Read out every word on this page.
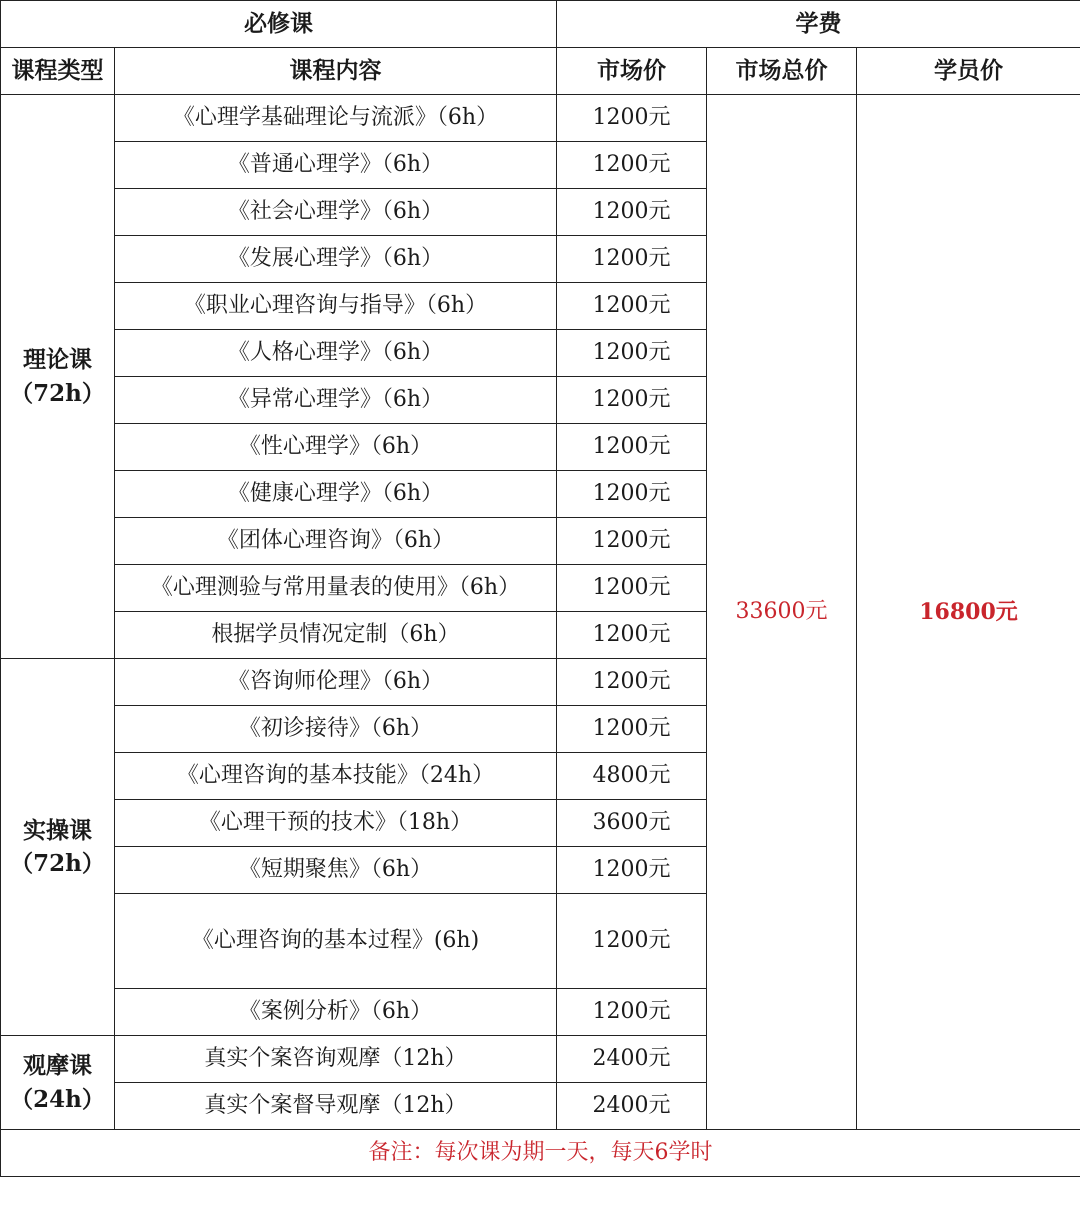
必修课		学费		
课程类型	课程内容	市场价	市场总价	学员价
理论课
（72h）	《心理学基础理论与流派》（6h）	1200元	33600元	16800元
	《普通心理学》（6h）	1200元		
	《社会心理学》（6h）	1200元		
	《发展心理学》（6h）	1200元		
	《职业心理咨询与指导》（6h）	1200元		
	《人格心理学》（6h）	1200元		
	《异常心理学》（6h）	1200元		
	《性心理学》（6h）	1200元		
	《健康心理学》（6h）	1200元		
	《团体心理咨询》（6h）	1200元		
	《心理测验与常用量表的使用》（6h）	1200元		
	根据学员情况定制（6h）	1200元		
实操课
（72h）	《咨询师伦理》（6h）	1200元		
	《初诊接待》（6h）	1200元		
	《心理咨询的基本技能》（24h）	4800元		
	《心理干预的技术》（18h）	3600元		
	《短期聚焦》（6h）	1200元		
	《心理咨询的基本过程》(6h)	1200元		
	《案例分析》（6h）	1200元		
观摩课
（24h）	真实个案咨询观摩（12h）	2400元		
	真实个案督导观摩（12h）	2400元		
备注：每次课为期一天，每天6学时				
